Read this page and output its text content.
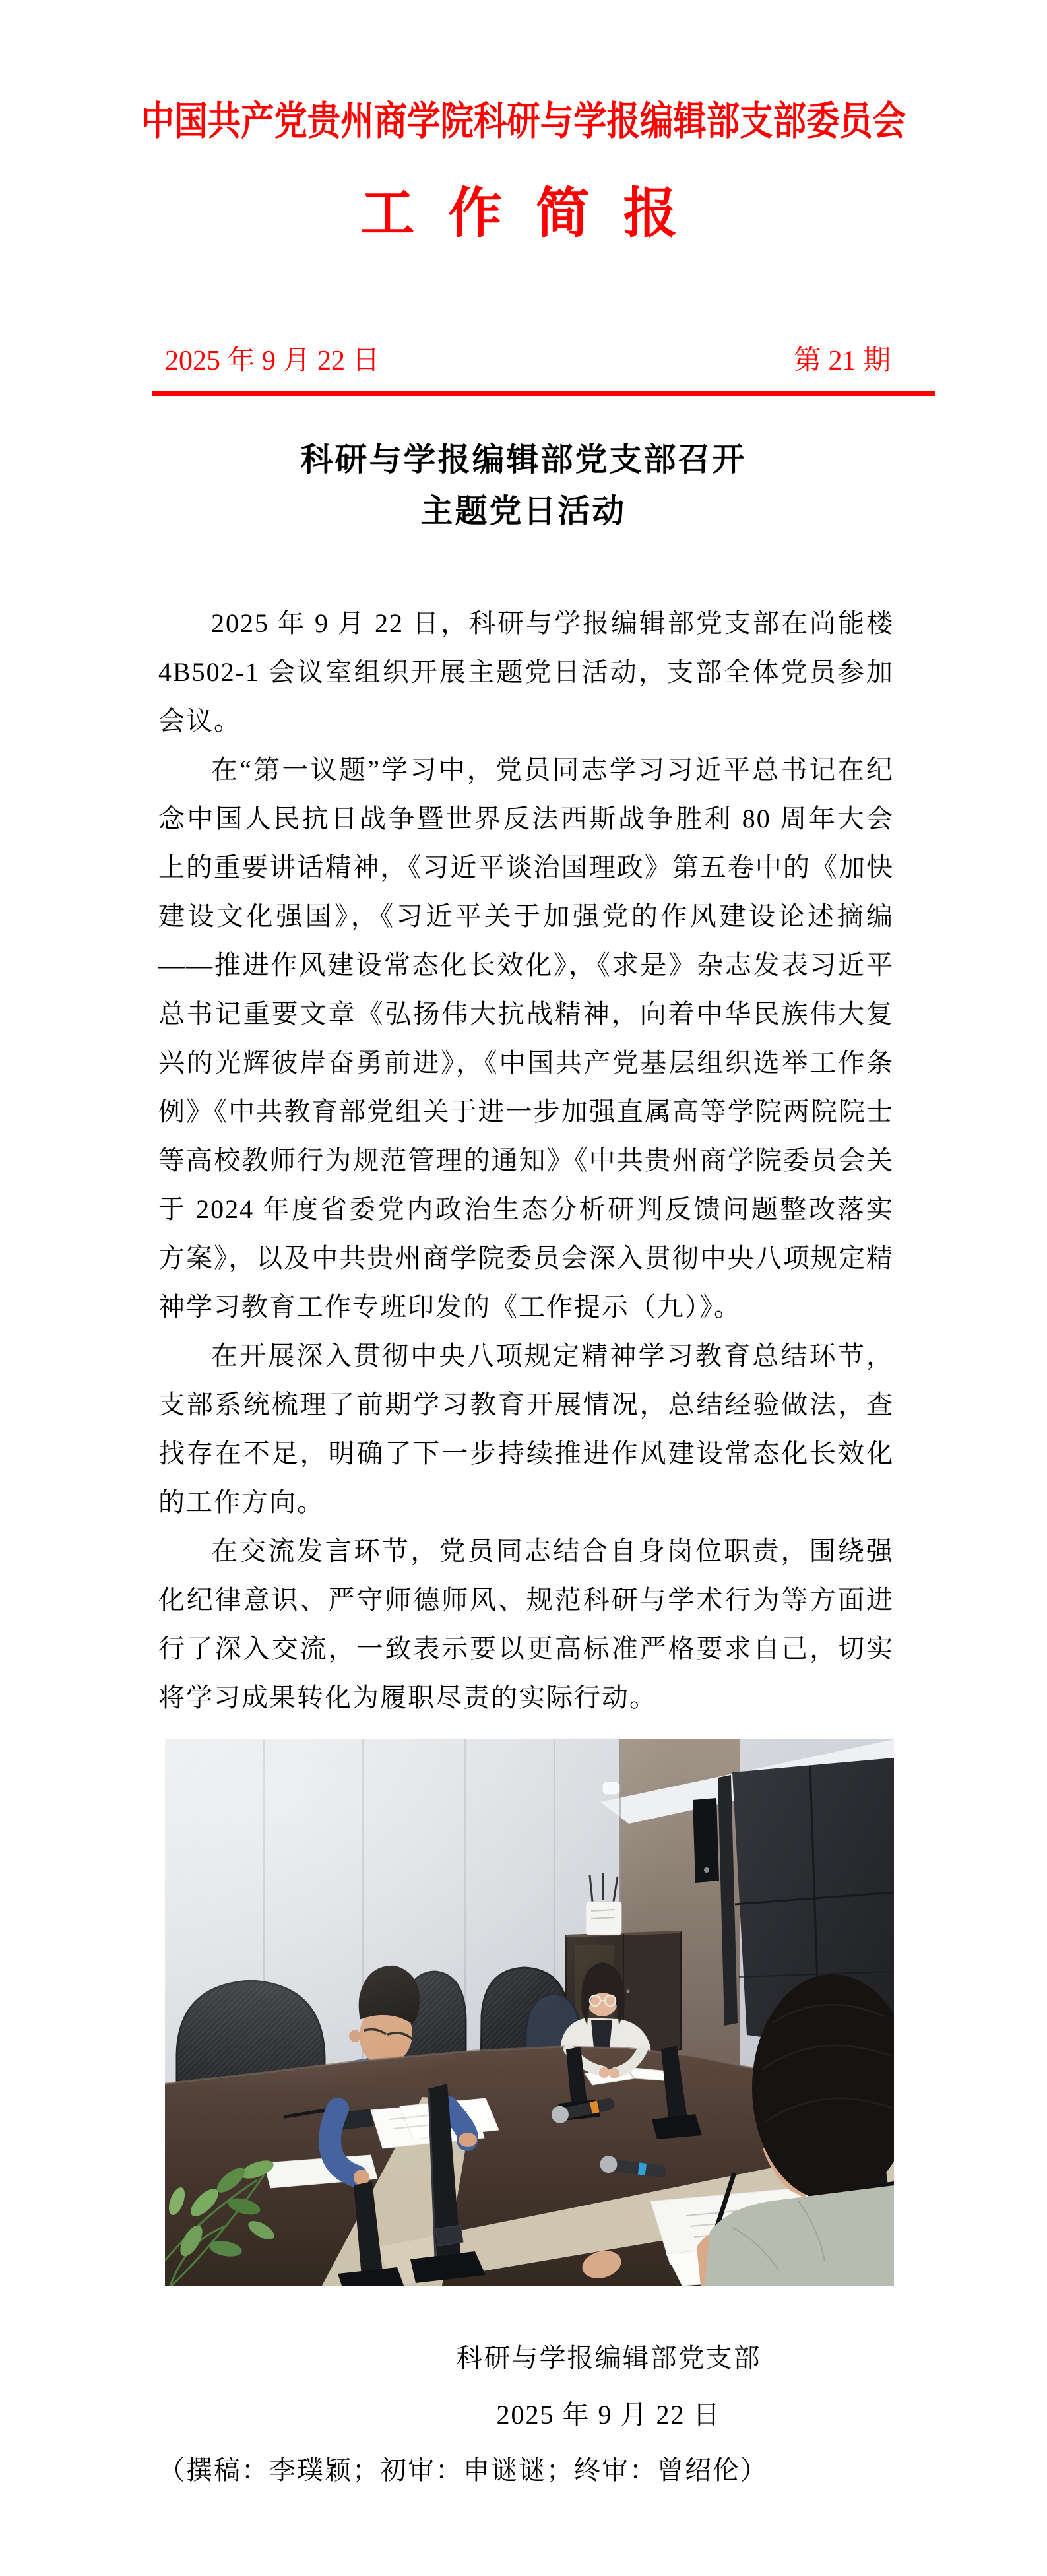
中国共产党贵州商学院科研与学报编辑部支部委员会
工 作 简 报
2025 年 9 月 22 日	第 21 期
科研与学报编辑部党支部召开
主题党日活动

2025 年 9 月 22 日，科研与学报编辑部党支部在尚能楼 4B502-1 会议室组织开展主题党日活动，支部全体党员参加会议。

在“第一议题”学习中，党员同志学习习近平总书记在纪念中国人民抗日战争暨世界反法西斯战争胜利 80 周年大会上的重要讲话精神，《习近平谈治国理政》第五卷中的《加快建设文化强国》，《习近平关于加强党的作风建设论述摘编——推进作风建设常态化长效化》，《求是》杂志发表习近平总书记重要文章《弘扬伟大抗战精神，向着中华民族伟大复兴的光辉彼岸奋勇前进》，《中国共产党基层组织选举工作条例》《中共教育部党组关于进一步加强直属高等学院两院院士等高校教师行为规范管理的通知》《中共贵州商学院委员会关于 2024 年度省委党内政治生态分析研判反馈问题整改落实方案》，以及中共贵州商学院委员会深入贯彻中央八项规定精神学习教育工作专班印发的《工作提示（九）》。

在开展深入贯彻中央八项规定精神学习教育总结环节，支部系统梳理了前期学习教育开展情况，总结经验做法，查找存在不足，明确了下一步持续推进作风建设常态化长效化的工作方向。

在交流发言环节，党员同志结合自身岗位职责，围绕强化纪律意识、严守师德师风、规范科研与学术行为等方面进行了深入交流，一致表示要以更高标准严格要求自己，切实将学习成果转化为履职尽责的实际行动。

科研与学报编辑部党支部
2025 年 9 月 22 日
（撰稿：李璞颖；初审：申谜谜；终审：曾绍伦）
